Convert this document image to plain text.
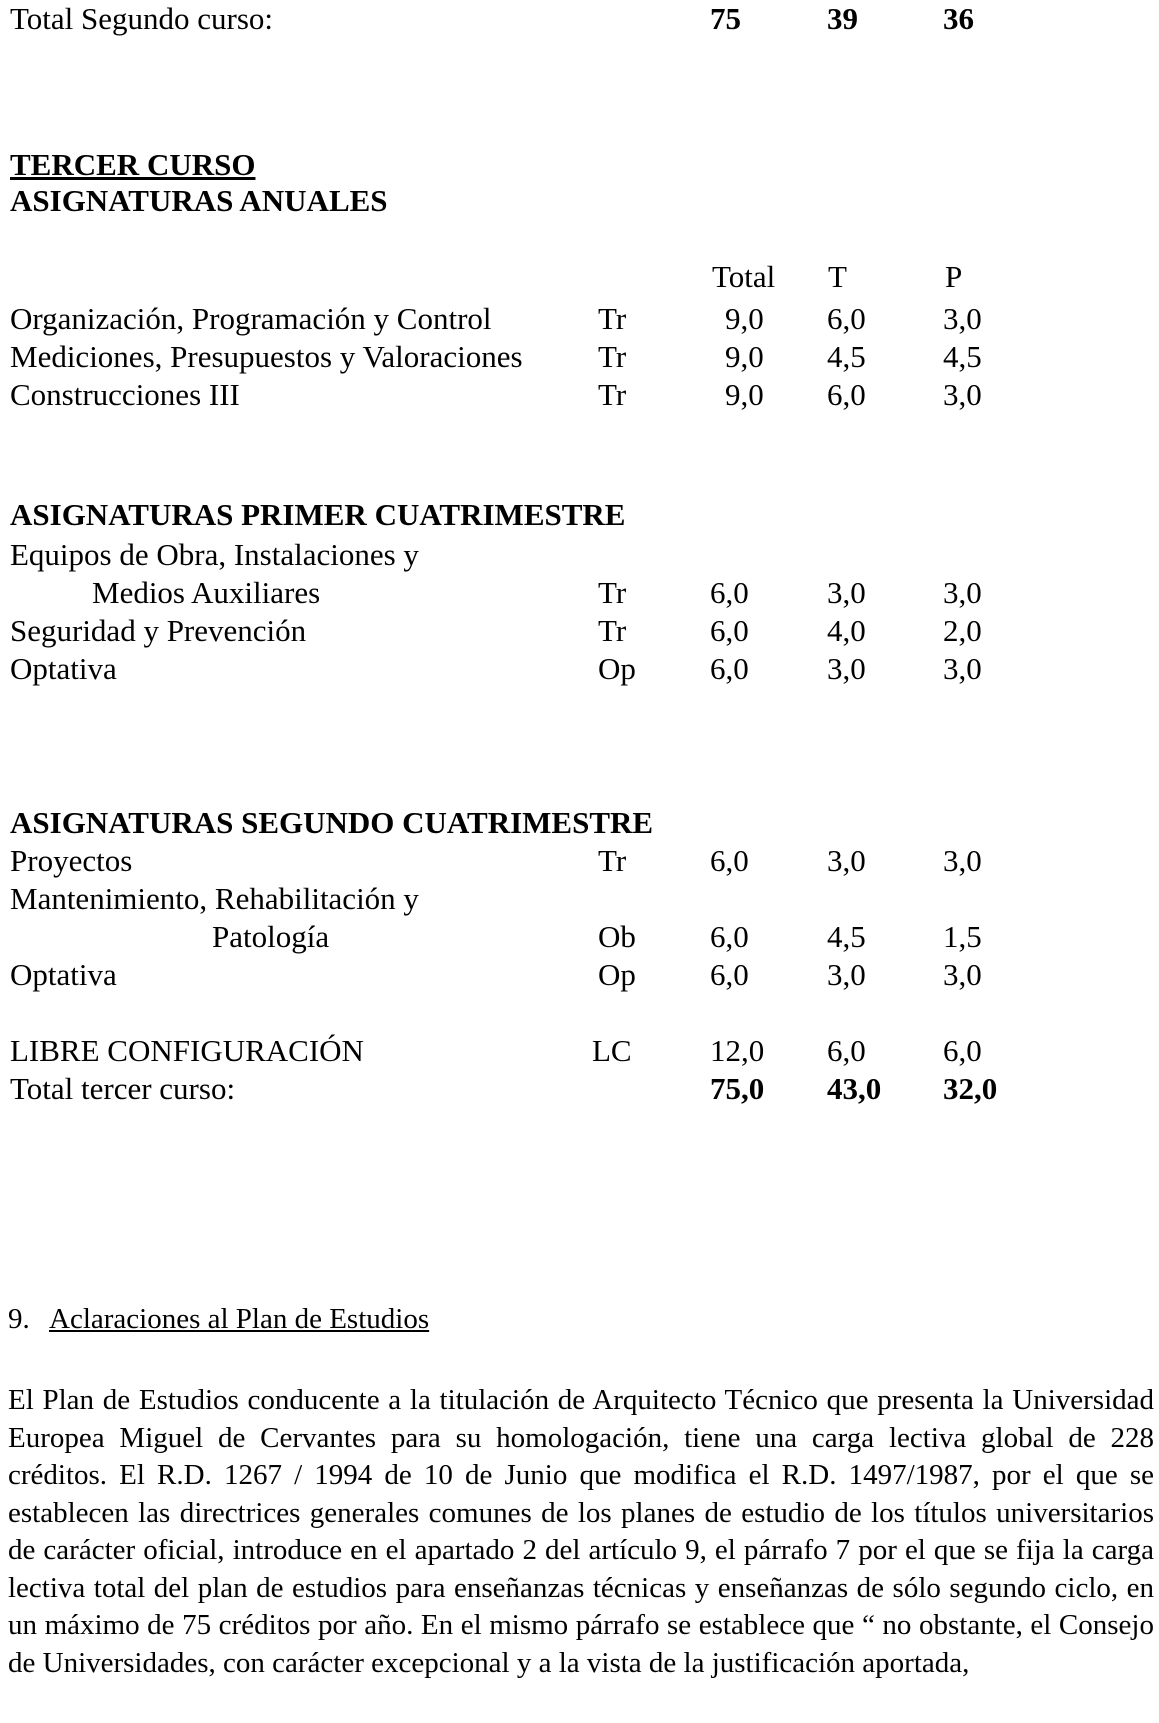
Total Segundo curso:	75	39	36
TERCER CURSO
ASIGNATURAS ANUALES
Total T	P
Organización, Programación y Control	Tr	9,0 6,0 3,0
Mediciones, Presupuestos y Valoraciones Tr	9,0 4,5 4,5
Construcciones III	Tr	9,0 6,0 3,0
ASIGNATURAS PRIMER CUATRIMESTRE
Equipos de Obra, Instalaciones y
Medios Auxiliares	Tr	6,0	3,0 3,0
Seguridad y Prevención	Tr	6,0	4,0 2,0
Optativa	Op 6,0	3,0 3,0
ASIGNATURAS SEGUNDO CUATRIMESTRE
Proyectos	Tr	6,0	3,0 3,0
Mantenimiento, Rehabilitación y
Patología	Ob 6,0	4,5 1,5
Optativa	Op 6,0	3,0 3,0
LIBRE CONFIGURACIÓN	LC	12,0 6,0 6,0
Total tercer curso:	75,0 43,0 32,0
9. Aclaraciones al Plan de Estudios

El Plan de Estudios conducente a la titulación de Arquitecto Técnico que presenta la Universidad Europea Miguel de Cervantes para su homologación, tiene una carga lectiva global de 228 créditos. El R.D. 1267 / 1994 de 10 de Junio que modifica el R.D. 1497/1987, por el que se establecen las directrices generales comunes de los planes de estudio de los títulos universitarios de carácter oficial, introduce en el apartado 2 del artículo 9, el párrafo 7 por el que se fija la carga lectiva total del plan de estudios para enseñanzas técnicas y enseñanzas de sólo segundo ciclo, en un máximo de 75 créditos por año. En el mismo párrafo se establece que “ no obstante, el Consejo de Universidades, con carácter excepcional y a la vista de la justificación aportada,
